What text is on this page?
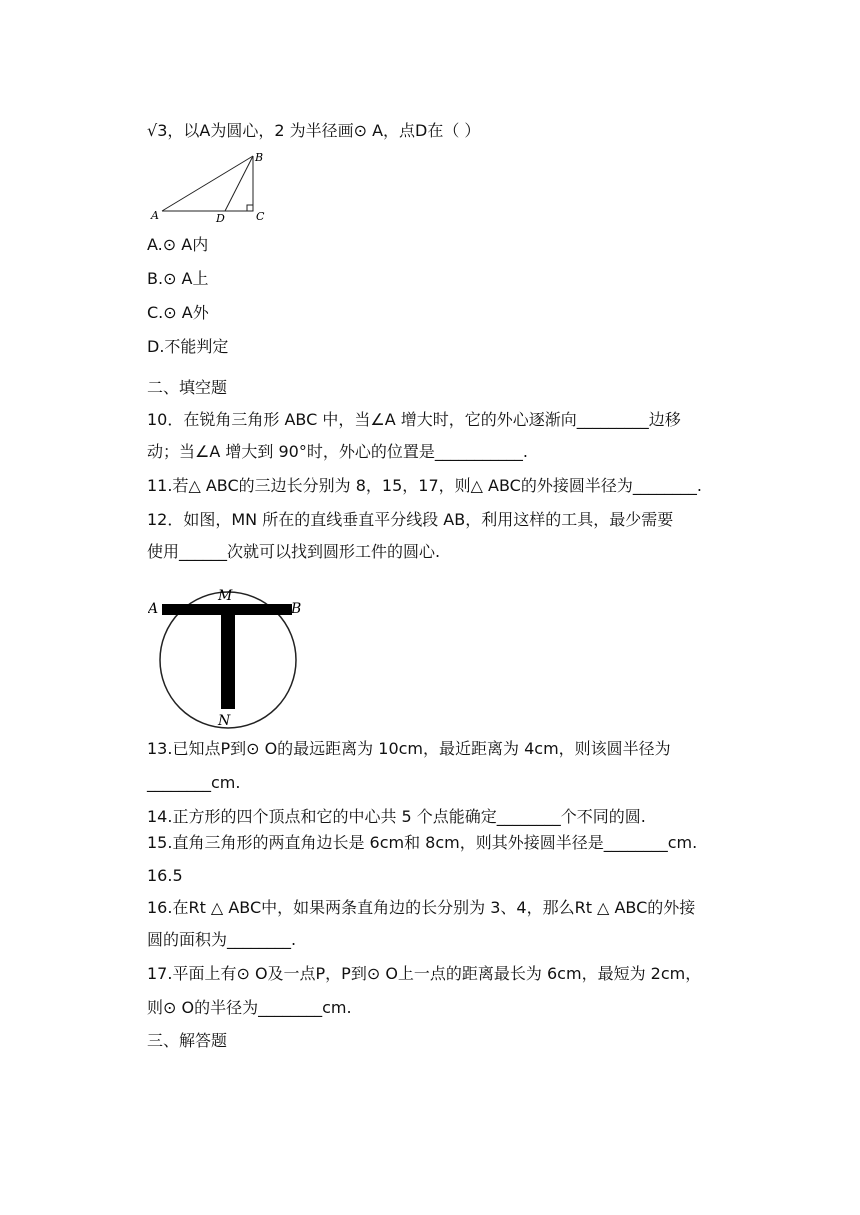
√3，以A为圆心，2 为半径画⊙ A，点D在（ ）
A
B
D	C
A.⊙ A内
B.⊙ A上
C.⊙ A外
D.不能判定
二、填空题
10．在锐角三角形 ABC 中，当∠A 增大时，它的外心逐渐向_________边移
动；当∠A 增大到 90°时，外心的位置是___________.
11.若△ ABC的三边长分别为 8，15，17，则△ ABC的外接圆半径为________.
12．如图，MN 所在的直线垂直平分线段 AB，利用这样的工具，最少需要
使用______次就可以找到圆形工件的圆心.
A
M
B
N
13.已知点P到⊙ O的最远距离为 10cm，最近距离为 4cm，则该圆半径为
________cm.
14.正方形的四个顶点和它的中心共 5 个点能确定________个不同的圆.
15.直角三角形的两直角边长是 6cm和 8cm，则其外接圆半径是________cm.
16.5
16.在Rt △ ABC中，如果两条直角边的长分别为 3、4，那么Rt △ ABC的外接
圆的面积为________.
17.平面上有⊙ O及一点P，P到⊙ O上一点的距离最长为 6cm，最短为 2cm，
则⊙ O的半径为________cm.
三、解答题
